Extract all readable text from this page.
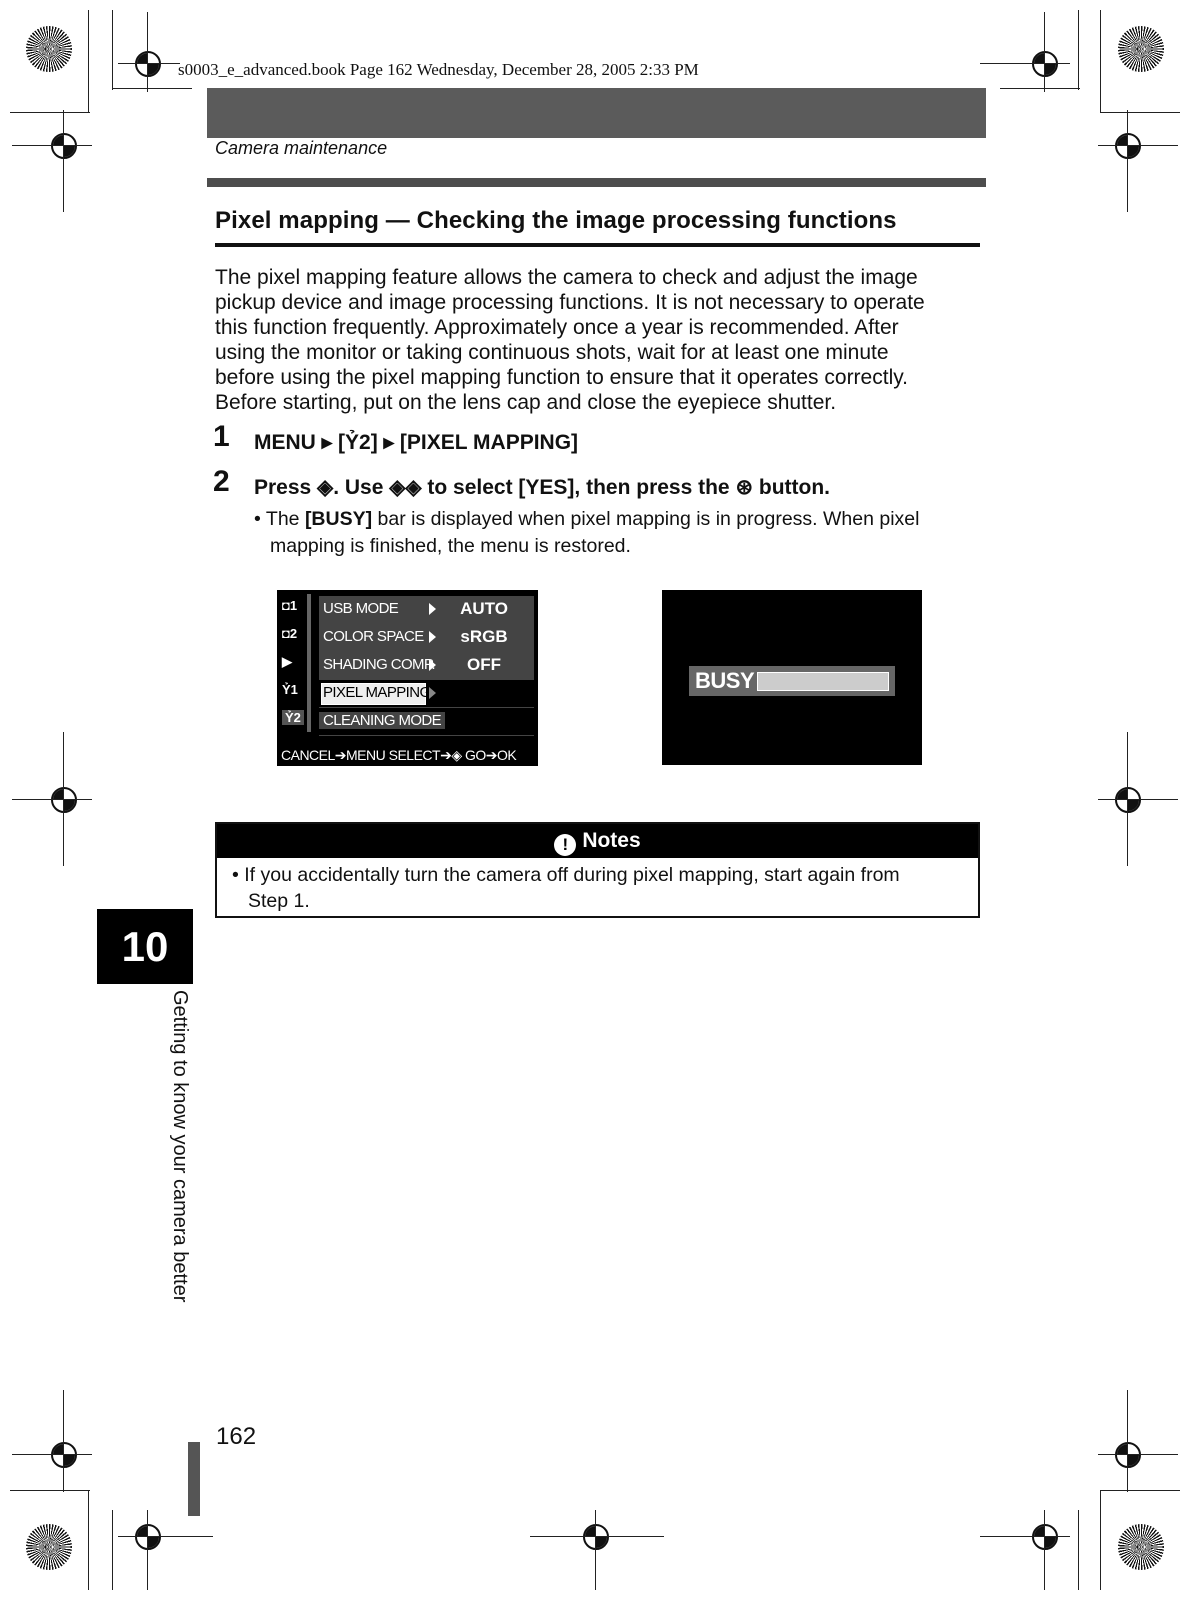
s0003_e_advanced.book Page 162 Wednesday, December 28, 2005 2:33 PM
Camera maintenance
Pixel mapping — Checking the image processing functions
The pixel mapping feature allows the camera to check and adjust the image
pickup device and image processing functions. It is not necessary to operate
this function frequently. Approximately once a year is recommended. After
using the monitor or taking continuous shots, wait for at least one minute
before using the pixel mapping function to ensure that it operates correctly.
Before starting, put on the lens cap and close the eyepiece shutter.
1 MENU ▸ [Ỷ2] ▸ [PIXEL MAPPING]
2 Press ◈. Use ◈◈ to select [YES], then press the ⊛ button.
• The [BUSY] bar is displayed when pixel mapping is in progress. When pixel
mapping is finished, the menu is restored.
◘1
◘2
▶
Ỷ1
Ỷ2
USB MODE	AUTO
COLOR SPACE	sRGB
SHADING COMP.	OFF
PIXEL MAPPING
CLEANING MODE
CANCEL➔MENU SELECT➔◈ GO➔OK
BUSY
! Notes
• If you accidentally turn the camera off during pixel mapping, start again from
Step 1.
10
Getting to know your camera better
162
